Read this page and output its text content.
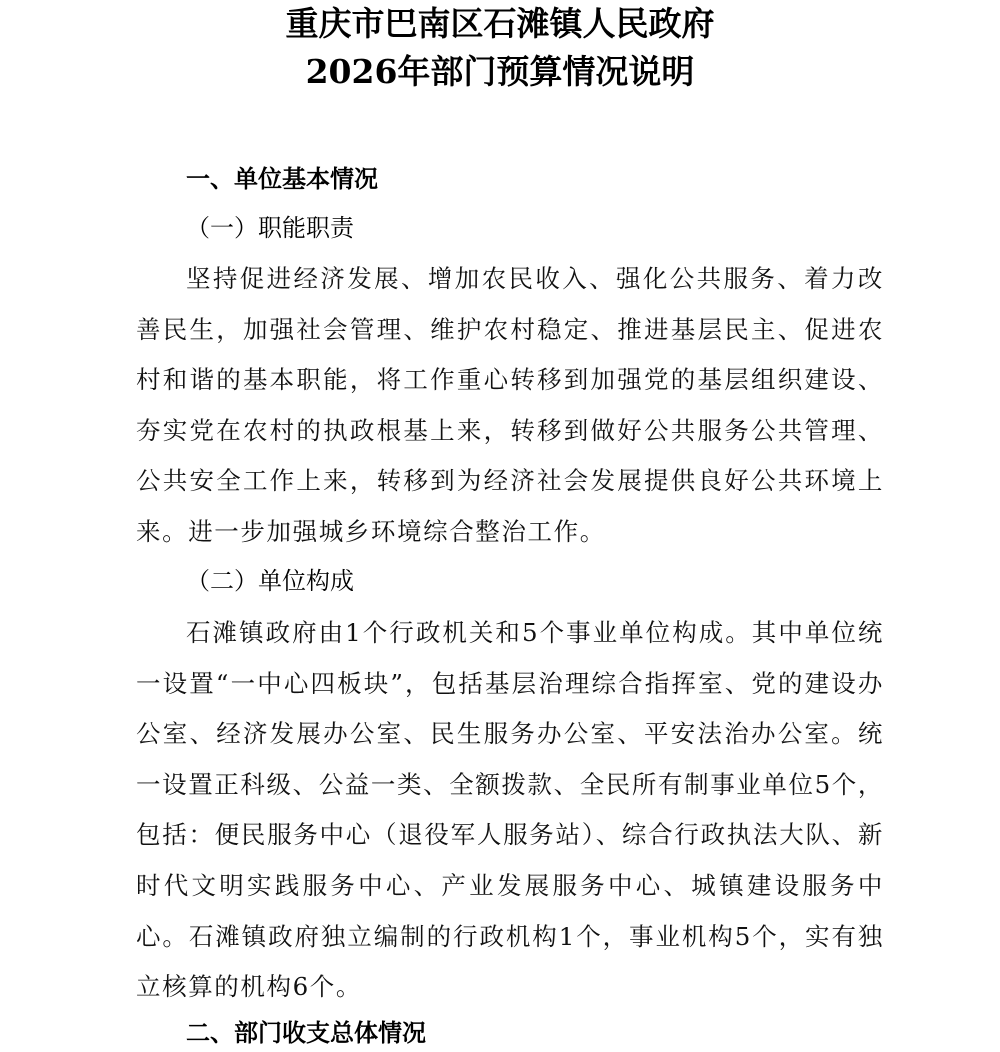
重庆市巴南区石滩镇人民政府
2026年部门预算情况说明
一、单位基本情况
（一）职能职责

坚持促进经济发展、增加农民收入、强化公共服务、着力改善民生，加强社会管理、维护农村稳定、推进基层民主、促进农村和谐的基本职能，将工作重心转移到加强党的基层组织建设、夯实党在农村的执政根基上来，转移到做好公共服务公共管理、公共安全工作上来，转移到为经济社会发展提供良好公共环境上来。进一步加强城乡环境综合整治工作。

（二）单位构成

石滩镇政府由1个行政机关和5个事业单位构成。其中单位统一设置“一中心四板块”，包括基层治理综合指挥室、党的建设办公室、经济发展办公室、民生服务办公室、平安法治办公室。统一设置正科级、公益一类、全额拨款、全民所有制事业单位5个，包括：便民服务中心（退役军人服务站）、综合行政执法大队、新时代文明实践服务中心、产业发展服务中心、城镇建设服务中心。石滩镇政府独立编制的行政机构1个，事业机构5个，实有独立核算的机构6个。

二、部门收支总体情况
